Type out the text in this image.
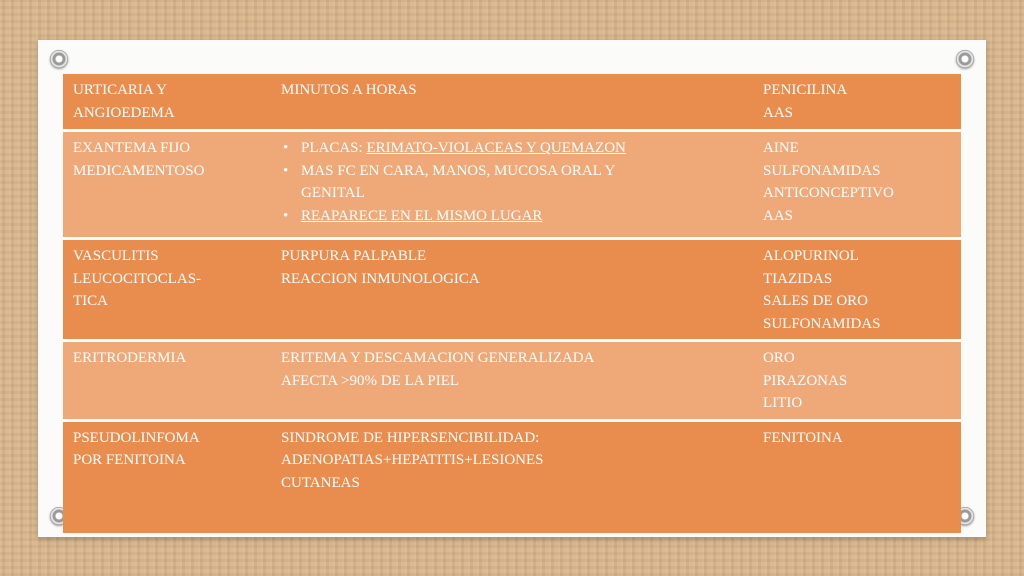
URTICARIA Y
ANGIOEDEMA
MINUTOS A HORAS	PENICILINA
AAS
EXANTEMA FIJO
MEDICAMENTOSO
• PLACAS: ERIMATO-VIOLACEAS Y QUEMAZON
• MAS FC EN CARA, MANOS, MUCOSA ORAL Y
GENITAL
• REAPARECE EN EL MISMO LUGAR
AINE
SULFONAMIDAS
ANTICONCEPTIVO
AAS
VASCULITIS
LEUCOCITOCLAS-
TICA
PURPURA PALPABLE
REACCION INMUNOLOGICA
ALOPURINOL
TIAZIDAS
SALES DE ORO
SULFONAMIDAS
ERITRODERMIA	ERITEMA Y DESCAMACION GENERALIZADA
AFECTA >90% DE LA PIEL
ORO
PIRAZONAS
LITIO
PSEUDOLINFOMA
POR FENITOINA
SINDROME DE HIPERSENCIBILIDAD:
ADENOPATIAS+HEPATITIS+LESIONES
CUTANEAS
FENITOINA
